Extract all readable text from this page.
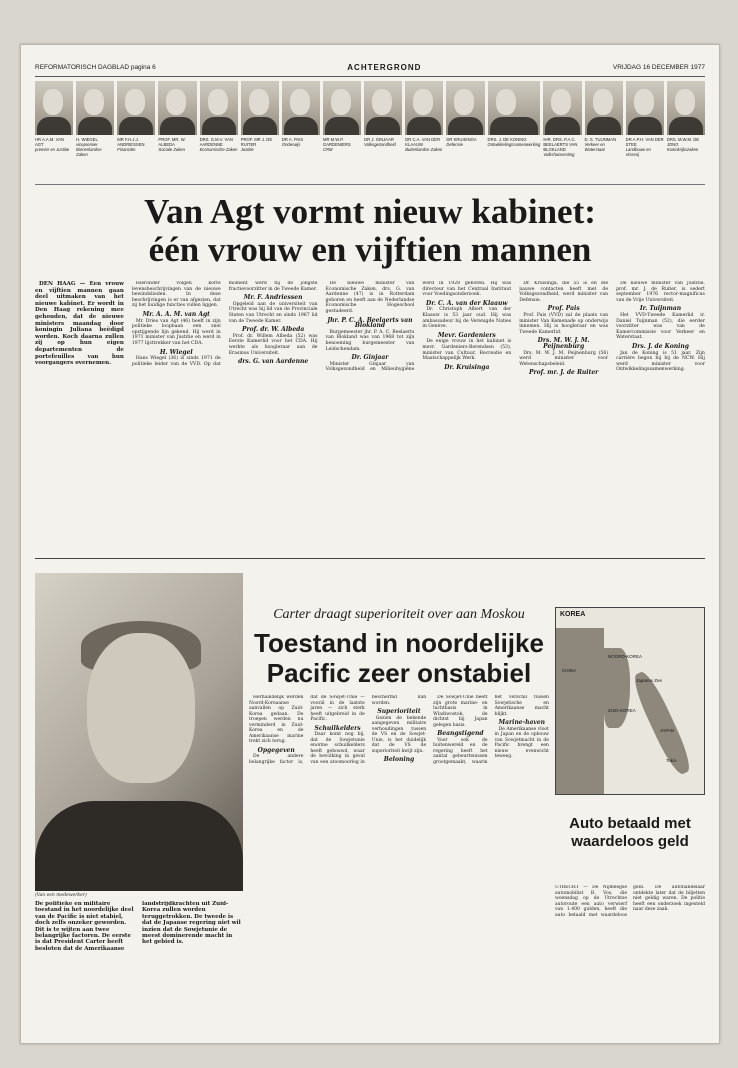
REFORMATORISCH DAGBLAD pagina 6	ACHTERGROND	VRIJDAG 16 DECEMBER 1977
HR A.A.M. VAN AGT
premier en Justitie
H. WIEGEL
vicepremier Binnenlandse Zaken
MR F.H.J.J. ANDRIESSEN
Financiën
PROF. MR. W. ALBEDA
Sociale Zaken
DRS. G.M.V. VAN AARDENNE
Economische Zaken
PROF. MR J. DE RUITER
Justitie
DR A. PAIS
Onderwijs
MR M.W.P. GARDENIERS
CRM
DR J. GINJAAR
Volksgezondheid
DR C.A. VAN DER KLAAUW
Buitenlandse Zaken
DR KRUISINGA
Defensie
DRS. J. DE KONING
Ontwikkelingssamenwerking
IHR. DRS. P.A.C. BEELAERTS VAN BLOKLAND
Volkshuisvesting
D. S. TUIJNMAN
Verkeer en Waterstaat
DR A.P.H. VAN DER STEE
Landbouw en Visserij
DRS. M.W.M. DE JONG
Koninkrijkszaken
Van Agt vormt nieuw kabinet:
één vrouw en vijftien mannen

DEN HAAG — Een vrouw en vijftien mannen gaan deel uitmaken van het nieuwe kabinet. Er wordt in Den Haag rekening mee gehouden, dat de nieuwe ministers maandag door koningin Juliana beëdigd worden. Koch daarna zullen zij op hun eigen departementen de portefeuilles van hun voorgangers overnemen.

Hieronder volgen korte levensbeschrijvingen van de nieuwe bewindslieden. In deze beschrijvingen is er van afgezien, dat zij het huidige functies vullen liggen.

Mr. A. A. M. van Agt

Mr. Dries van Agt (46) heeft in zijn politieke loopbaan een snel opstijgende lijn gekend. Hij werd in 1971 minister van Justitie en werd in 1977 lijsttrekker van het CDA.

H. Wiegel

Hans Wiegel (36) is sinds 1971 de politieke leider van de VVD. Op dat moment werd hij de jongste fractievoorzitter in de Tweede Kamer.

Mr. F. Andriessen

Opgeleid aan de universiteit van Utrecht was hij lid van de Provinciale Staten van Utrecht en sinds 1967 lid van de Tweede Kamer.

Prof. dr. W. Albeda

Prof. dr. Willem Albeda (52) was Eerste Kamerlid voor het CDA. Hij werkte als hoogleraar aan de Erasmus Universiteit.

drs. G. van Aardenne

De nieuwe minister van Economische Zaken, drs. G. van Aardenne (47) is in Rotterdam geboren en heeft aan de Nederlandse Economische Hogeschool gestudeerd.

Jhr. P. C. A. Beelaerts van Blokland

Burgemeester jhr. P. A. C. Beelaerts van Blokland was van 1968 tot zijn benoeming burgemeester van Leidschendam.

Dr. Ginjaar

Minister Ginjaar van Volksgezondheid en Milieuhygiëne werd in 1928 geboren. Hij was directeur van het Centraal Instituut voor Voedingsonderzoek.

Dr. C. A. van der Klaauw

Dr. Christoph Albert van der Klaauw is 53 jaar oud. Hij was ambassadeur bij de Verenigde Naties in Genève.

Mevr. Gardeniers

De enige vrouw in het kabinet is mevr. Gardeniers-Berendsen (53), minister van Cultuur, Recreatie en Maatschappelijk Werk.

Dr. Kruisinga

Dr. Kruisinga, die 55 is en die nauwe contacten heeft met de Volksgezondheid, werd minister van Defensie.

Prof. Pais

Prof. Pais (VVD) zal de plaats van minister Van Kemenade op onderwijs innemen. Hij is hoogleraar en was Tweede Kamerlid.

Drs. M. W. J. M. Peijnenburg

Drs. M. W. J. M. Peijnenburg (56) werd minister voor Wetenschapsbeleid.

Prof. mr. J. de Ruiter

De nieuwe minister van Justitie, prof. mr. J. de Ruiter, is sedert september 1976 rector-magnificus van de Vrije Universiteit.

Ir. Tuijnman

Het VVD-Tweede Kamerlid ir. Daniel Tuijnman (52), die eerder voorzitter was van de Kamercommissie voor Verkeer en Waterstaat.

Drs. J. de Koning

Jan de Koning is 51 jaar. Zijn carrière begon hij bij de NCW. Hij werd minister voor Ontwikkelingssamenwerking.

(Van een medewerker)
De politieke en militaire toestand in het noordelijke deel van de Pacific is niet stabiel, doch zelfs onzeker geworden. Dit is te wijten aan twee belangrijke factoren. De eerste is dat President Carter heeft besloten dat de Amerikaanse landstrijdkrachten uit Zuid-Korea zullen worden teruggetrokken. De tweede is dat de Japanse regering niet wil inzien dat de Sowjetunie de meest dominerende macht in het gebied is.
Carter draagt superioriteit over aan Moskou
Toestand in noordelijke
Pacific zeer onstabiel

Herhaaldelijk werden Noord-Koreaanse aanvallen op Zuid-Korea gedaan. De troepen werden nu verminderd in Zuid-Korea en de Amerikaanse marine trekt zich terug.

Opgegeven

De andere belangrijke factor is, dat de Sowjet-Unie — voorál in de laatste jaren — zich sterk heeft uitgebreid in de Pacific.

Schuilkelders

Daar komt nog bij, dat de Sowjetunie enorme schuilkelders heeft gebouwd, waar de bevolking in geval van een atoomoorlog in beschermd kan worden.

Superioriteit

Gezien de bekende aangegeven militaire verhoudingen tussen de VS en de Sowjet-Unie, is het duidelijk dat de VS de superioriteit kwijt zijn.

Beloning

De Sowjet-Unie heeft zijn grote marine- en luchtbasis in Wladiwostok, de dichtst bij Japan gelegen basis.

Beangstigend

Voor ook de buitenwereld en de regering heeft het aantal gebeurtenissen grootgemaakt, waarin het verschil tussen Sowjetische en Amerikaanse macht blijkt.

Marine-haven

De Amerikaanse vloot in Japan en de opbouw van Sowjetmacht in de Pacific brengt een nieuw evenwicht teweeg.

KOREA
CHINA
NOORD-KOREA
ZUID-KOREA
JAPAN
Japanse Zee
Tokio
Auto betaald met waardeloos geld
UTRECHT — De Nijmeegse automobilist B. Vos, die woensdag op de Utrechtse autoroute een auto verwierf van 1.400 gulden, heeft die auto betaald met waardeloos geld. De autohandelaar ontdekte later dat de biljetten niet geldig waren. De politie heeft een onderzoek ingesteld naar deze zaak.
